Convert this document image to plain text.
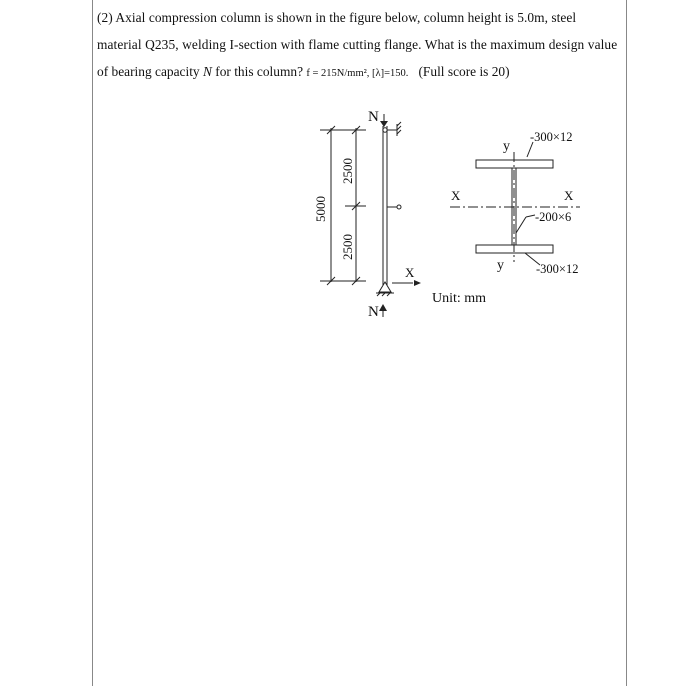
(2) Axial compression column is shown in the figure below, column height is 5.0m, steel
material Q235, welding I-section with flame cutting flange. What is the maximum design value
of bearing capacity N for this column? f = 215N/mm², [λ]=150. (Full score is 20)
N
N
5000
2500
2500
X
X	X
y
y
-300×12
-200×6
-300×12
Unit: mm
